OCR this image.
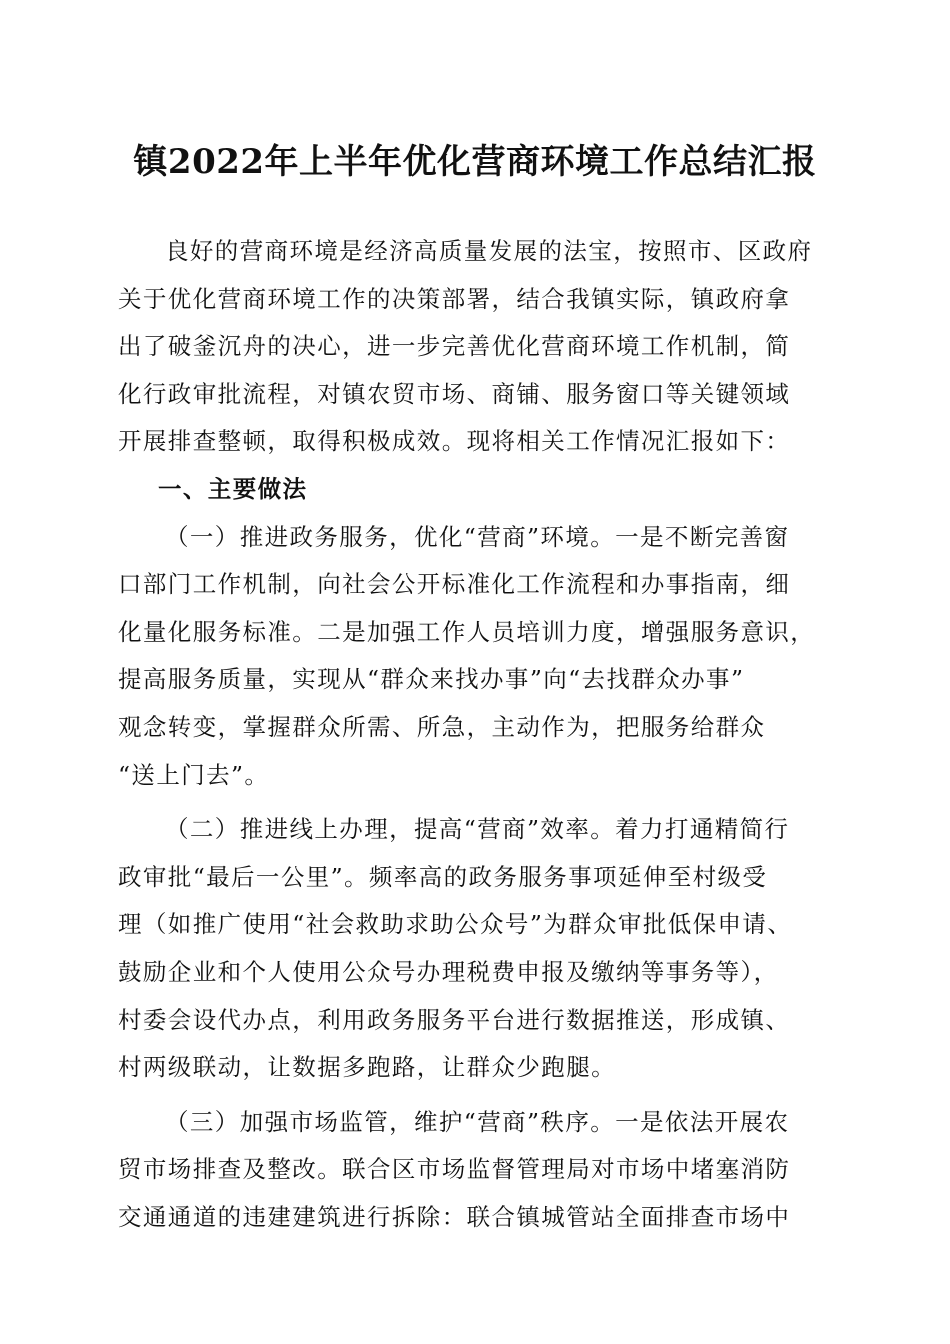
镇2022年上半年优化营商环境工作总结汇报
良好的营商环境是经济高质量发展的法宝，按照市、区政府
关于优化营商环境工作的决策部署，结合我镇实际，镇政府拿
出了破釜沉舟的决心，进一步完善优化营商环境工作机制，简
化行政审批流程，对镇农贸市场、商铺、服务窗口等关键领域
开展排查整顿，取得积极成效。现将相关工作情况汇报如下：
一、主要做法
（一）推进政务服务，优化“营商”环境。一是不断完善窗
口部门工作机制，向社会公开标准化工作流程和办事指南，细
化量化服务标准。二是加强工作人员培训力度，增强服务意识，
提高服务质量，实现从“群众来找办事”向“去找群众办事”
观念转变，掌握群众所需、所急，主动作为，把服务给群众
“送上门去”。
（二）推进线上办理，提高“营商”效率。着力打通精简行
政审批“最后一公里”。频率高的政务服务事项延伸至村级受
理（如推广使用“社会救助求助公众号”为群众审批低保申请、
鼓励企业和个人使用公众号办理税费申报及缴纳等事务等），
村委会设代办点，利用政务服务平台进行数据推送，形成镇、
村两级联动，让数据多跑路，让群众少跑腿。
（三）加强市场监管，维护“营商”秩序。一是依法开展农
贸市场排查及整改。联合区市场监督管理局对市场中堵塞消防
交通通道的违建建筑进行拆除：联合镇城管站全面排查市场中
